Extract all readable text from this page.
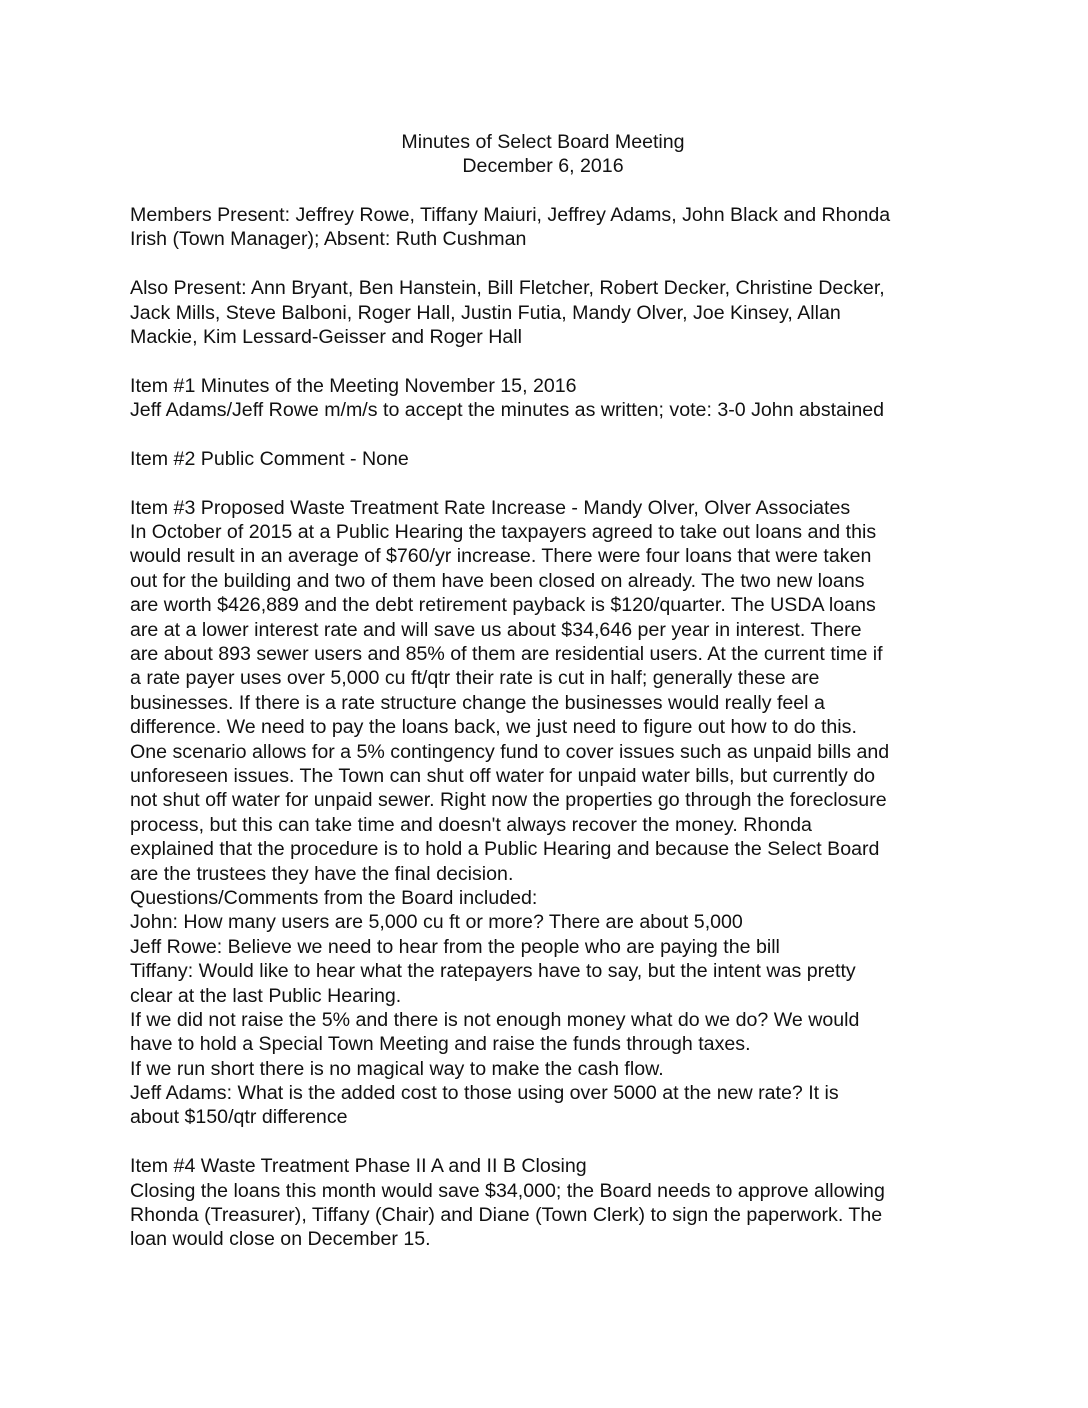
Minutes of Select Board Meeting
December 6, 2016
Members Present: Jeffrey Rowe, Tiffany Maiuri, Jeffrey Adams, John Black and Rhonda
Irish (Town Manager); Absent: Ruth Cushman
Also Present: Ann Bryant, Ben Hanstein, Bill Fletcher, Robert Decker, Christine Decker,
Jack Mills, Steve Balboni, Roger Hall, Justin Futia, Mandy Olver, Joe Kinsey, Allan
Mackie, Kim Lessard-Geisser and Roger Hall
Item #1 Minutes of the Meeting November 15, 2016
Jeff Adams/Jeff Rowe m/m/s to accept the minutes as written; vote: 3-0 John abstained
Item #2 Public Comment - None
Item #3 Proposed Waste Treatment Rate Increase - Mandy Olver, Olver Associates
In October of 2015 at a Public Hearing the taxpayers agreed to take out loans and this
would result in an average of $760/yr increase. There were four loans that were taken
out for the building and two of them have been closed on already. The two new loans
are worth $426,889 and the debt retirement payback is $120/quarter. The USDA loans
are at a lower interest rate and will save us about $34,646 per year in interest. There
are about 893 sewer users and 85% of them are residential users. At the current time if
a rate payer uses over 5,000 cu ft/qtr their rate is cut in half; generally these are
businesses. If there is a rate structure change the businesses would really feel a
difference. We need to pay the loans back, we just need to figure out how to do this.
One scenario allows for a 5% contingency fund to cover issues such as unpaid bills and
unforeseen issues. The Town can shut off water for unpaid water bills, but currently do
not shut off water for unpaid sewer. Right now the properties go through the foreclosure
process, but this can take time and doesn't always recover the money. Rhonda
explained that the procedure is to hold a Public Hearing and because the Select Board
are the trustees they have the final decision.
Questions/Comments from the Board included:
John: How many users are 5,000 cu ft or more? There are about 5,000
Jeff Rowe: Believe we need to hear from the people who are paying the bill
Tiffany: Would like to hear what the ratepayers have to say, but the intent was pretty
clear at the last Public Hearing.
If we did not raise the 5% and there is not enough money what do we do? We would
have to hold a Special Town Meeting and raise the funds through taxes.
If we run short there is no magical way to make the cash flow.
Jeff Adams: What is the added cost to those using over 5000 at the new rate? It is
about $150/qtr difference
Item #4 Waste Treatment Phase II A and II B Closing
Closing the loans this month would save $34,000; the Board needs to approve allowing
Rhonda (Treasurer), Tiffany (Chair) and Diane (Town Clerk) to sign the paperwork. The
loan would close on December 15.
